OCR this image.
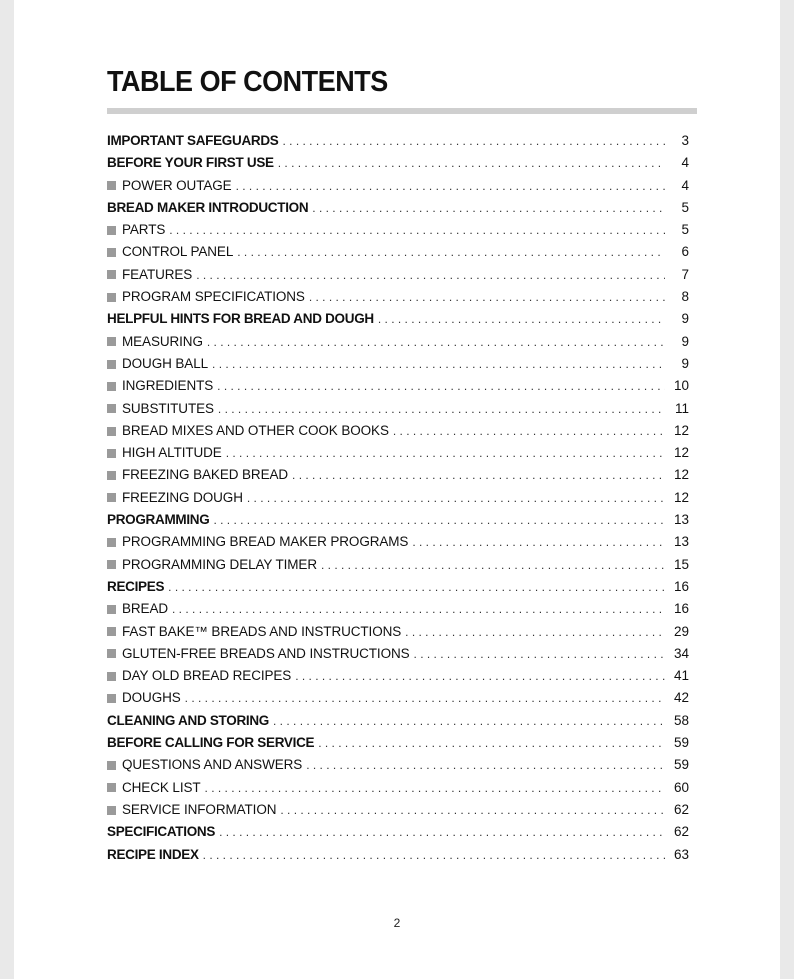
TABLE OF CONTENTS
IMPORTANT SAFEGUARDS . . .	3
BEFORE YOUR FIRST USE . . .	4
POWER OUTAGE . . .	4
BREAD MAKER INTRODUCTION . . .	5
PARTS . . .	5
CONTROL PANEL . . .	6
FEATURES . . .	7
PROGRAM SPECIFICATIONS . . .	8
HELPFUL HINTS FOR BREAD AND DOUGH . . .	9
MEASURING . . .	9
DOUGH BALL . . .	9
INGREDIENTS . . .	10
SUBSTITUTES . . .	11
BREAD MIXES AND OTHER COOK BOOKS . . .	12
HIGH ALTITUDE . . .	12
FREEZING BAKED BREAD . . .	12
FREEZING DOUGH . . .	12
PROGRAMMING . . .	13
PROGRAMMING BREAD MAKER PROGRAMS . . .	13
PROGRAMMING DELAY TIMER . . .	15
RECIPES . . .	16
BREAD . . .	16
FAST BAKE™ BREADS AND INSTRUCTIONS . . .	29
GLUTEN-FREE BREADS AND INSTRUCTIONS . . .	34
DAY OLD BREAD RECIPES . . .	41
DOUGHS . . .	42
CLEANING AND STORING . . .	58
BEFORE CALLING FOR SERVICE . . .	59
QUESTIONS AND ANSWERS . . .	59
CHECK LIST . . .	60
SERVICE INFORMATION . . .	62
SPECIFICATIONS . . .	62
RECIPE INDEX . . .	63
2
